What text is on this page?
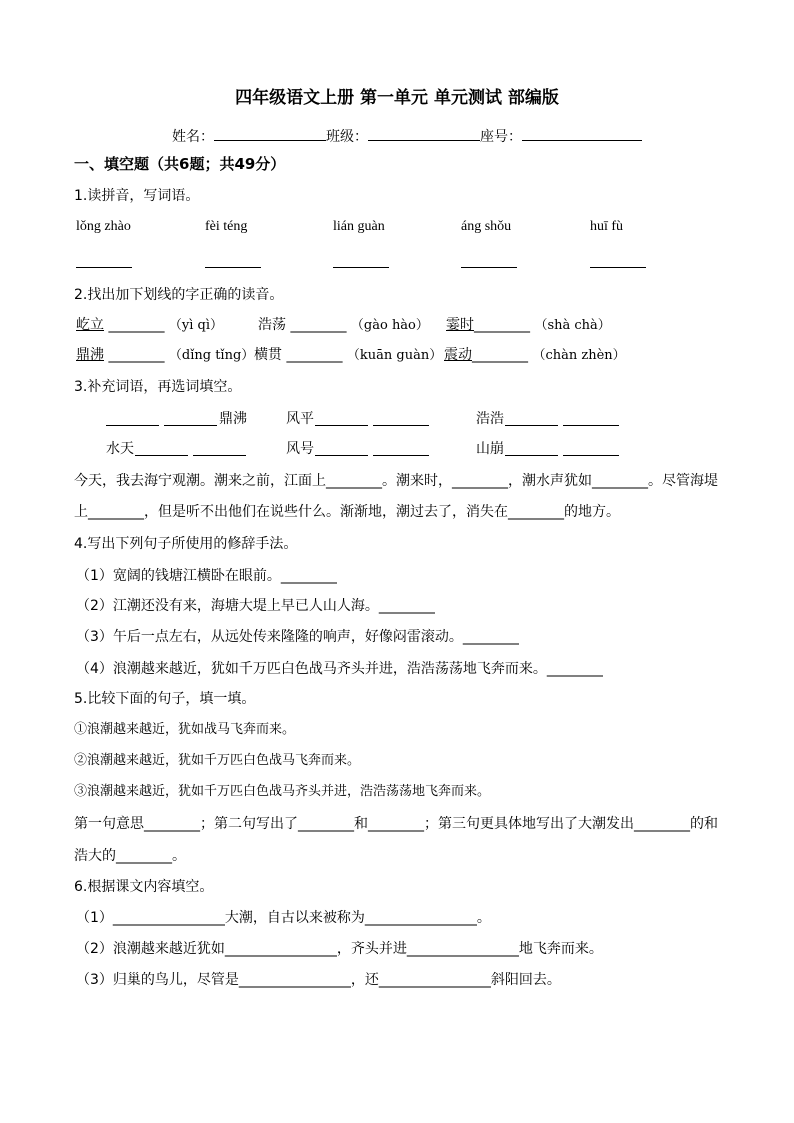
四年级语文上册 第一单元 单元测试 部编版
姓名：	班级：	座号：
一、填空题（共6题；共49分）
1.读拼音，写词语。
lǒng zhào	fèi téng	lián guàn	áng shǒu	huī fù
2.找出加下划线的字正确的读音。
屹立 ________ （yì qì） 浩荡 ________ （gào hào） 霎时________ （shà chà）
鼎沸 ________ （dǐng tǐng） 横贯 ________ （kuān guàn） 震动________ （chàn zhèn）
3.补充词语，再选词填空。
鼎沸	风平	浩浩
水天	风号	山崩
今天，我去海宁观潮。潮来之前，江面上________。潮来时，________，潮水声犹如________。尽管海堤
上________，但是听不出他们在说些什么。渐渐地，潮过去了，消失在________的地方。
4.写出下列句子所使用的修辞手法。
（1）宽阔的钱塘江横卧在眼前。________
（2）江潮还没有来，海塘大堤上早已人山人海。________
（3）午后一点左右，从远处传来隆隆的响声，好像闷雷滚动。________
（4）浪潮越来越近，犹如千万匹白色战马齐头并进，浩浩荡荡地飞奔而来。________
5.比较下面的句子，填一填。
①浪潮越来越近，犹如战马飞奔而来。
②浪潮越来越近，犹如千万匹白色战马飞奔而来。
③浪潮越来越近，犹如千万匹白色战马齐头并进，浩浩荡荡地飞奔而来。
第一句意思________；第二句写出了________和________；第三句更具体地写出了大潮发出________的和
浩大的________。
6.根据课文内容填空。
（1）________________大潮，自古以来被称为________________。
（2）浪潮越来越近犹如________________，齐头并进________________地飞奔而来。
（3）归巢的鸟儿，尽管是________________，还________________斜阳回去。
